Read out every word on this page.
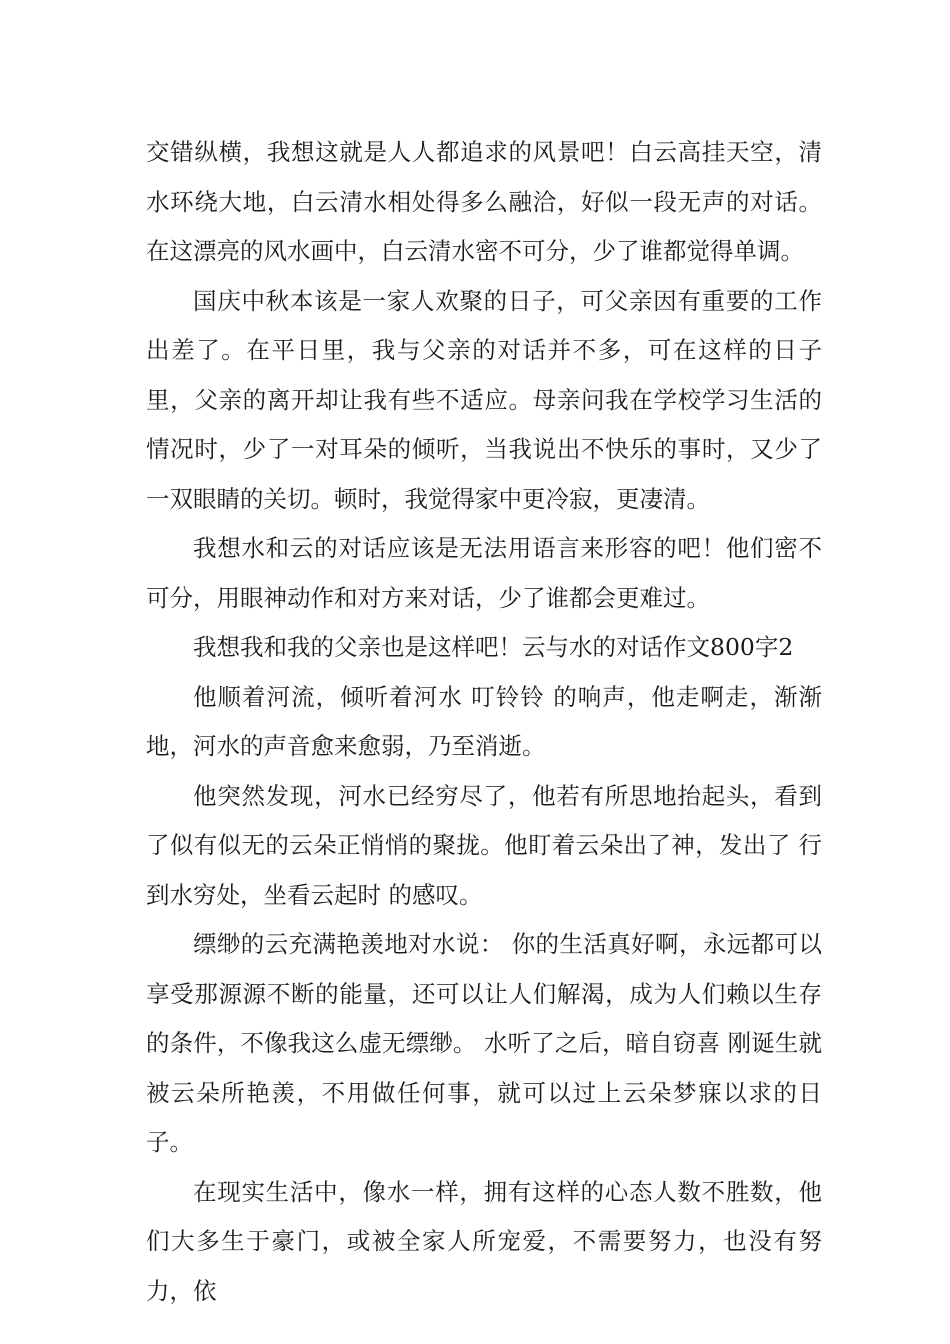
交错纵横，我想这就是人人都追求的风景吧！白云高挂天空，清水环绕大地，白云清水相处得多么融洽，好似一段无声的对话。在这漂亮的风水画中，白云清水密不可分，少了谁都觉得单调。

国庆中秋本该是一家人欢聚的日子，可父亲因有重要的工作出差了。在平日里，我与父亲的对话并不多，可在这样的日子里，父亲的离开却让我有些不适应。母亲问我在学校学习生活的情况时，少了一对耳朵的倾听，当我说出不快乐的事时，又少了一双眼睛的关切。顿时，我觉得家中更冷寂，更凄清。

我想水和云的对话应该是无法用语言来形容的吧！他们密不可分，用眼神动作和对方来对话，少了谁都会更难过。

我想我和我的父亲也是这样吧！云与水的对话作文800字2

他顺着河流，倾听着河水 叮铃铃 的响声，他走啊走，渐渐地，河水的声音愈来愈弱，乃至消逝。

他突然发现，河水已经穷尽了，他若有所思地抬起头，看到了似有似无的云朵正悄悄的聚拢。他盯着云朵出了神，发出了 行到水穷处，坐看云起时 的感叹。

缥缈的云充满艳羡地对水说： 你的生活真好啊，永远都可以享受那源源不断的能量，还可以让人们解渴，成为人们赖以生存的条件，不像我这么虚无缥缈。 水听了之后，暗自窃喜 刚诞生就被云朵所艳羡，不用做任何事，就可以过上云朵梦寐以求的日子。

在现实生活中，像水一样，拥有这样的心态人数不胜数，他们大多生于豪门，或被全家人所宠爱，不需要努力，也没有努力，依
